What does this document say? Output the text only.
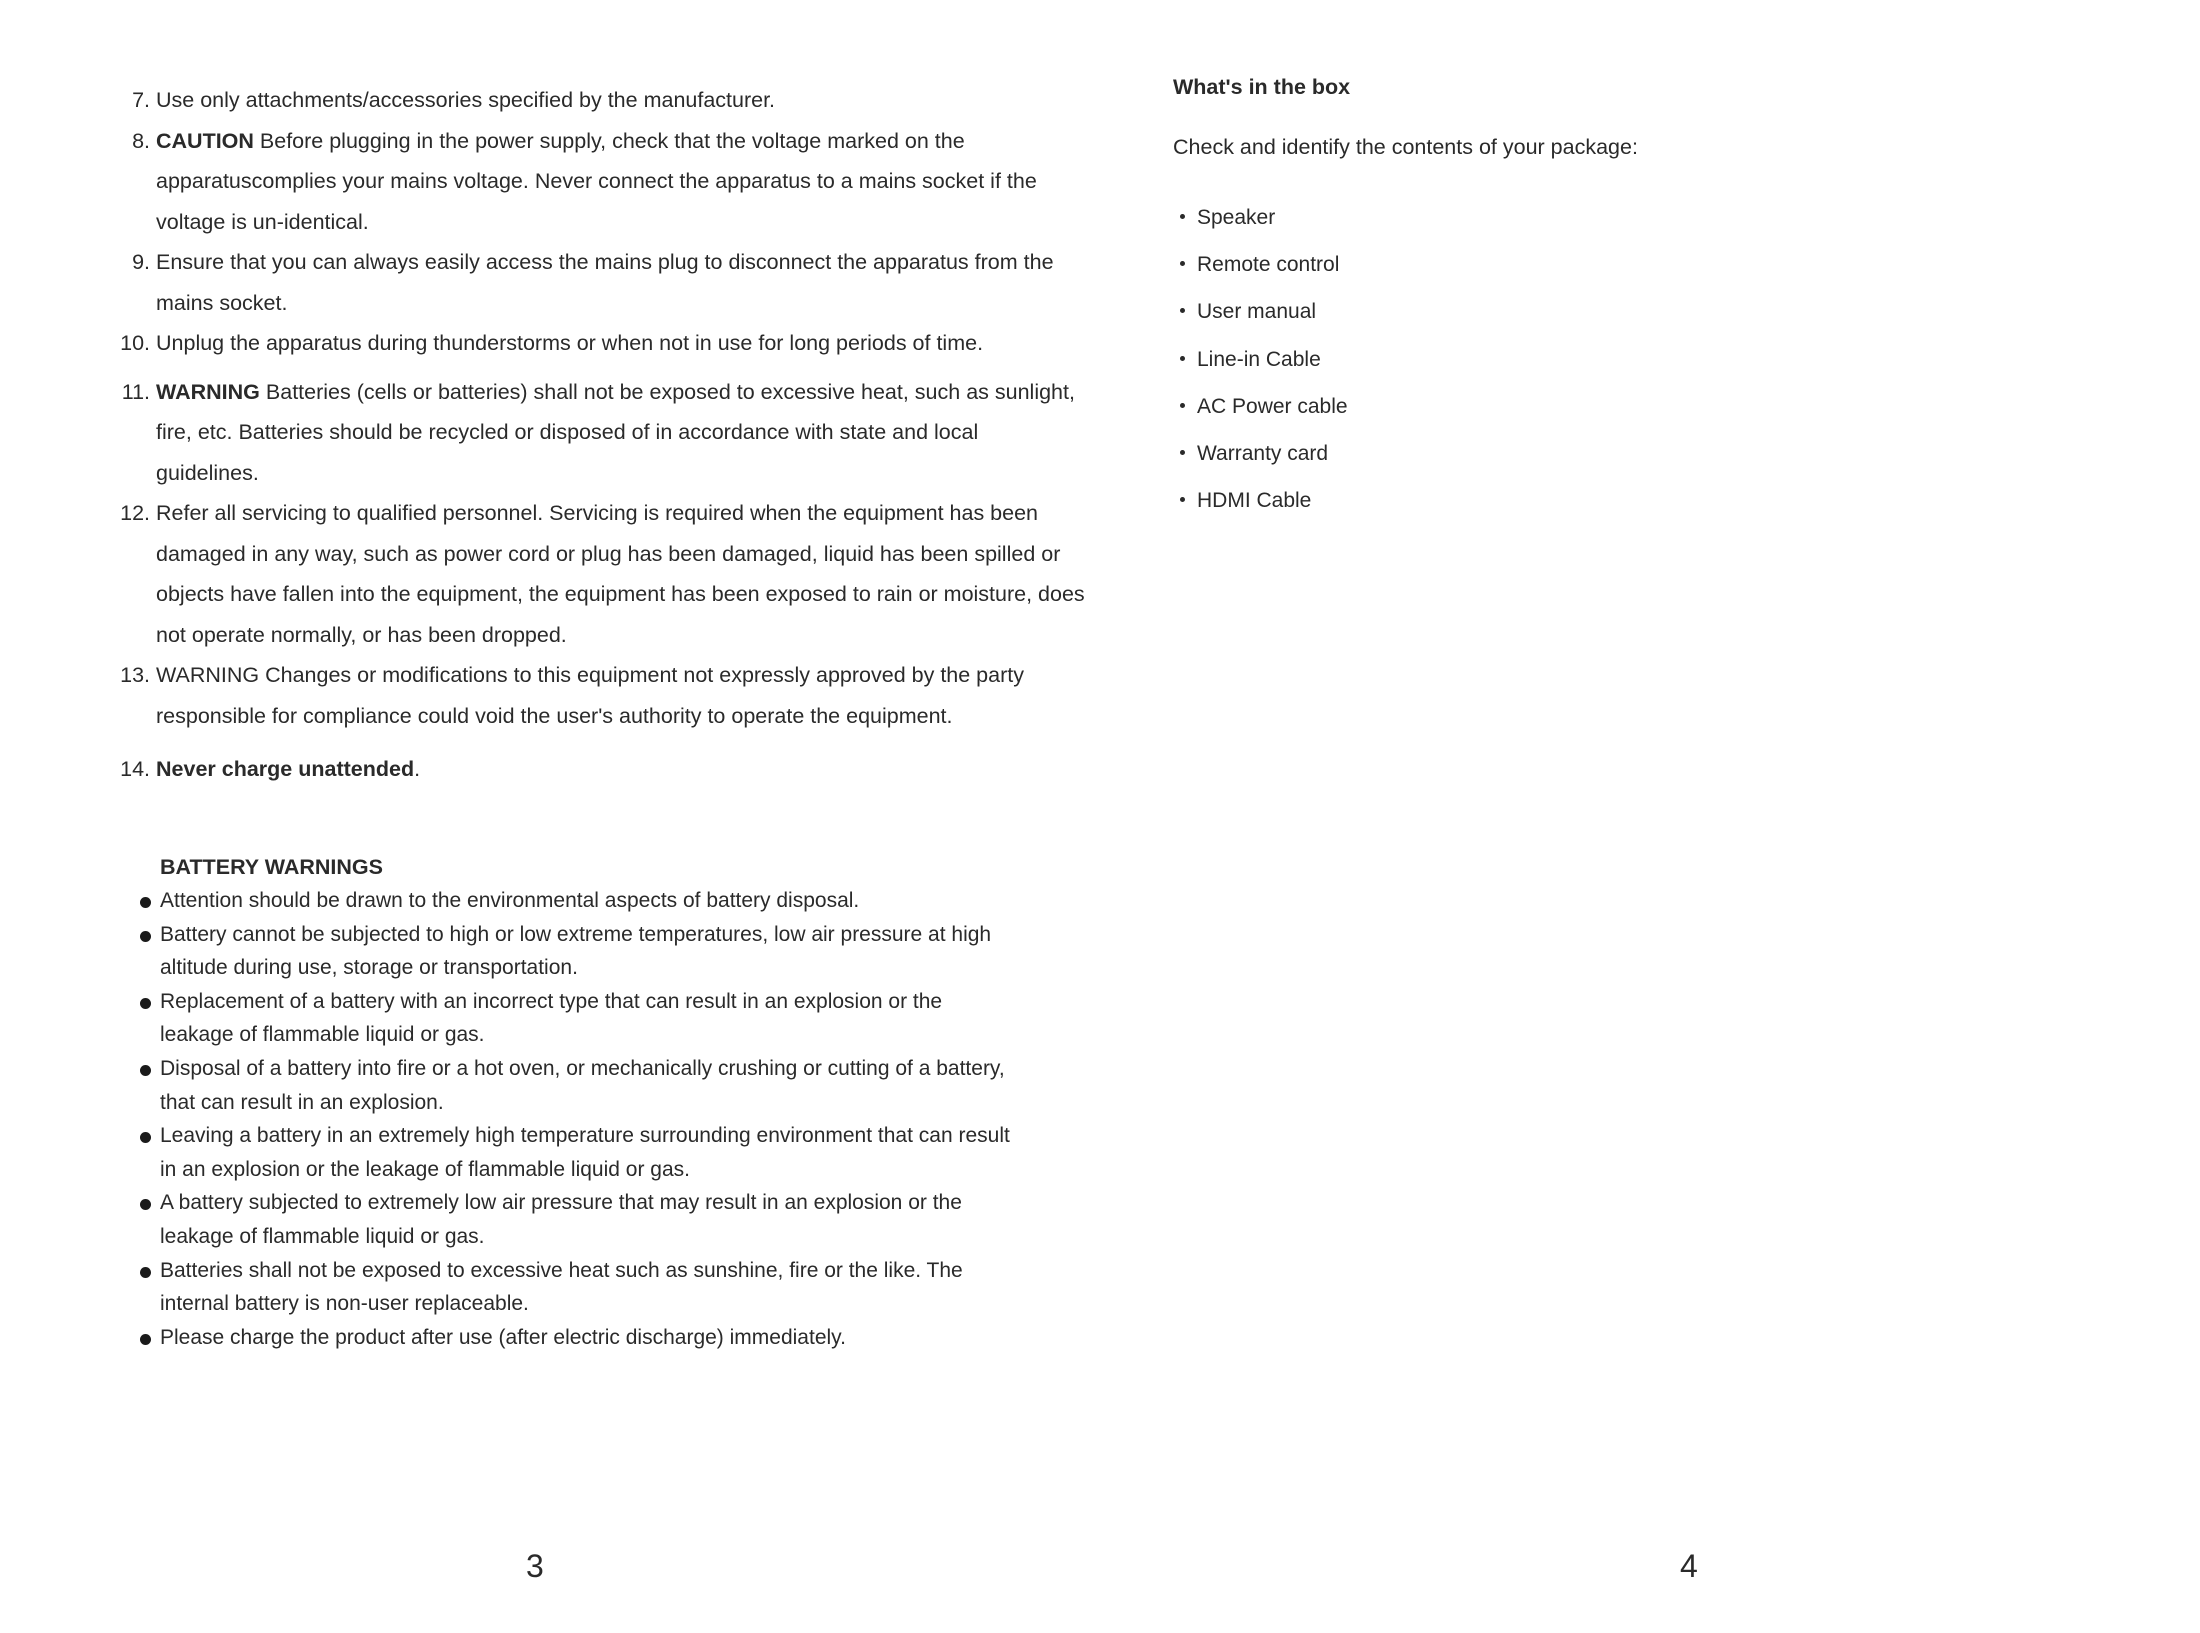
7. Use only attachments/accessories specified by the manufacturer.
8. CAUTION Before plugging in the power supply, check that the voltage marked on the apparatuscomplies your mains voltage. Never connect the apparatus to a mains socket if the voltage is un-identical.
9. Ensure that you can always easily access the mains plug to disconnect the apparatus from the mains socket.
10. Unplug the apparatus during thunderstorms or when not in use for long periods of time.
11. WARNING Batteries (cells or batteries) shall not be exposed to excessive heat, such as sunlight, fire, etc. Batteries should be recycled or disposed of in accordance with state and local guidelines.
12. Refer all servicing to qualified personnel. Servicing is required when the equipment has been damaged in any way, such as power cord or plug has been damaged, liquid has been spilled or objects have fallen into the equipment, the equipment has been exposed to rain or moisture, does not operate normally, or has been dropped.
13. WARNING Changes or modifications to this equipment not expressly approved by the party responsible for compliance could void the user's authority to operate the equipment.
14. Never charge unattended.
BATTERY WARNINGS
Attention should be drawn to the environmental aspects of battery disposal.
Battery cannot be subjected to high or low extreme temperatures, low air pressure at high altitude during use, storage or transportation.
Replacement of a battery with an incorrect type that can result in an explosion or the leakage of flammable liquid or gas.
Disposal of a battery into fire or a hot oven, or mechanically crushing or cutting of a battery, that can result in an explosion.
Leaving a battery in an extremely high temperature surrounding environment that can result in an explosion or the leakage of flammable liquid or gas.
A battery subjected to extremely low air pressure that may result in an explosion or the leakage of flammable liquid or gas.
Batteries shall not be exposed to excessive heat such as sunshine, fire or the like. The internal battery is non-user replaceable.
Please charge the product after use (after electric discharge) immediately.
3	4
What's in the box

Check and identify the contents of your package:

Speaker
Remote control
User manual
Line-in Cable
AC Power cable
Warranty card
HDMI Cable
